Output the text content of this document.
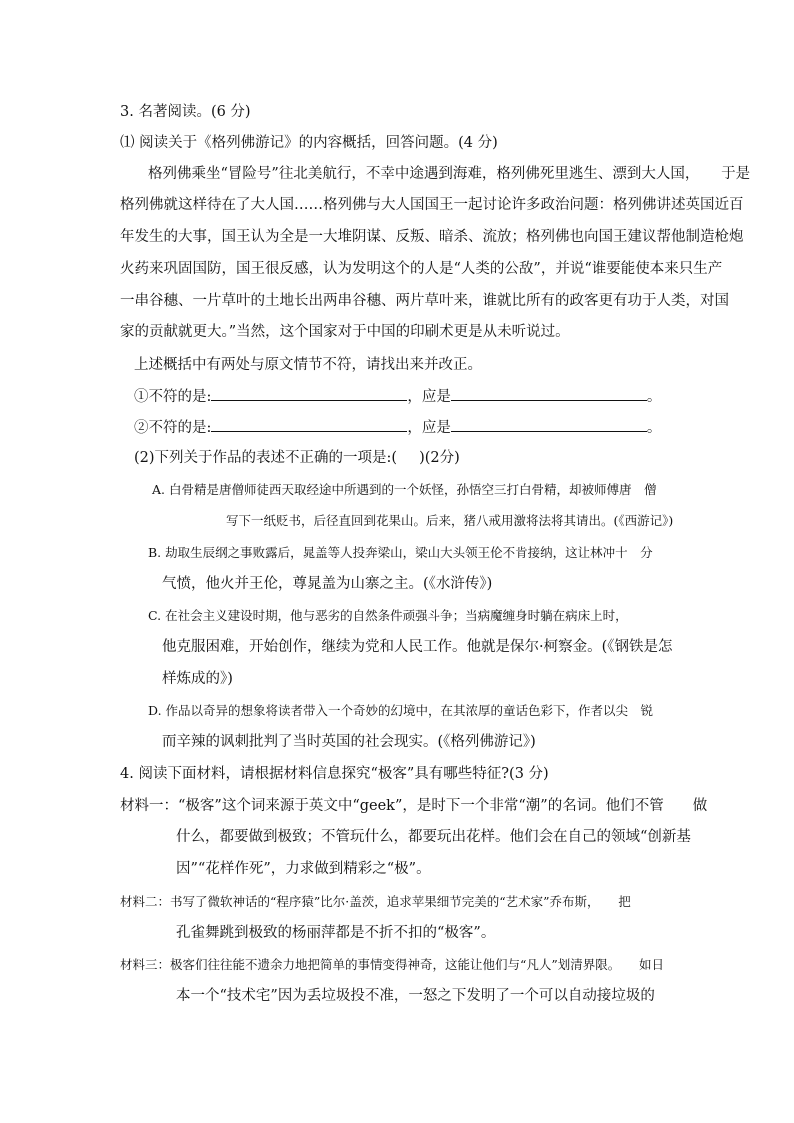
3. 名著阅读。(6 分)
⑴ 阅读关于《格列佛游记》的内容概括，回答问题。(4 分)
格列佛乘坐“冒险号”往北美航行，不幸中途遇到海难，格列佛死里逃生、漂到大人国，　　于是
格列佛就这样待在了大人国……格列佛与大人国国王一起讨论许多政治问题：格列佛讲述英国近百
年发生的大事，国王认为全是一大堆阴谋、反叛、暗杀、流放；格列佛也向国王建议帮他制造枪炮
火药来巩固国防，国王很反感，认为发明这个的人是“人类的公敌”，并说“谁要能使本来只生产
一串谷穗、一片草叶的土地长出两串谷穗、两片草叶来，谁就比所有的政客更有功于人类，对国
家的贡献就更大。”当然，这个国家对于中国的印刷术更是从未听说过。
上述概括中有两处与原文情节不符，请找出来并改正。
①不符的是:	，应是	。
②不符的是:	，应是	。
(2)下列关于作品的表述不正确的一项是:( )(2分)
A. 白骨精是唐僧师徒西天取经途中所遇到的一个妖怪，孙悟空三打白骨精，却被师傅唐　僧
写下一纸贬书，后径直回到花果山。后来，猪八戒用激将法将其请出。(《西游记》)
B. 劫取生辰纲之事败露后，晁盖等人投奔梁山，梁山大头领王伦不肯接纳，这让林冲十　分
气愤，他火并王伦，尊晁盖为山寨之主。(《水浒传》)
C. 在社会主义建设时期，他与恶劣的自然条件顽强斗争；当病魔缠身时躺在病床上时，
他克服困难，开始创作，继续为党和人民工作。他就是保尔·柯察金。(《钢铁是怎
样炼成的》)
D. 作品以奇异的想象将读者带入一个奇妙的幻境中，在其浓厚的童话色彩下，作者以尖　锐
而辛辣的讽刺批判了当时英国的社会现实。(《格列佛游记》)
4. 阅读下面材料，请根据材料信息探究“极客”具有哪些特征?(3 分)
材料一：“极客”这个词来源于英文中“geek”，是时下一个非常“潮”的名词。他们不管　　做
什么，都要做到极致；不管玩什么，都要玩出花样。他们会在自己的领域“创新基
因”“花样作死”，力求做到精彩之“极”。
材料二：书写了微软神话的“程序猿”比尔·盖茨，追求苹果细节完美的“艺术家”乔布斯，　　把
孔雀舞跳到极致的杨丽萍都是不折不扣的“极客”。
材料三：极客们往往能不遗余力地把简单的事情变得神奇，这能让他们与“凡人”划清界限。　　如日
本一个“技术宅”因为丢垃圾投不准，一怒之下发明了一个可以自动接垃圾的
